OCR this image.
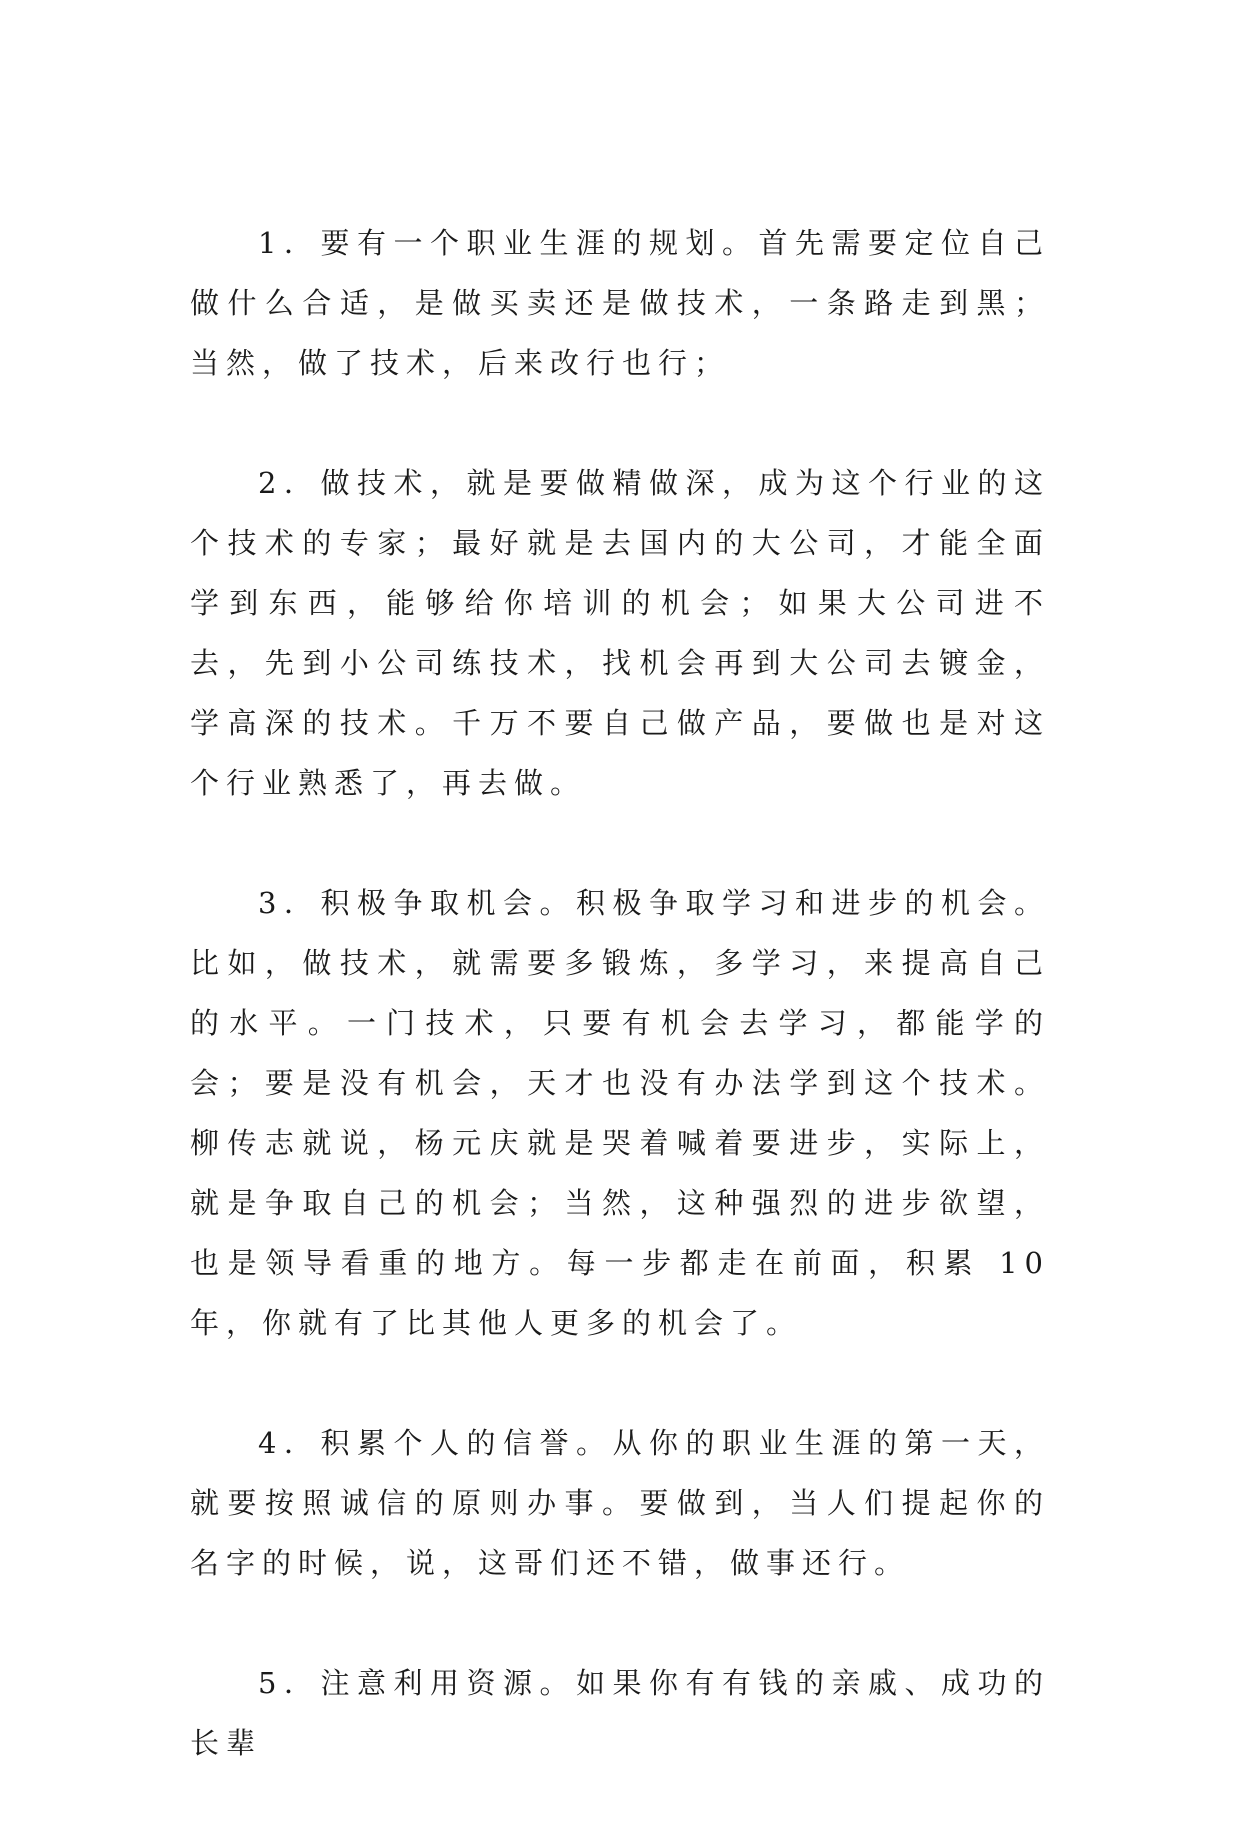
1．要有一个职业生涯的规划。首先需要定位自己做什么合适，是做买卖还是做技术，一条路走到黑；当然，做了技术，后来改行也行；

2．做技术，就是要做精做深，成为这个行业的这个技术的专家；最好就是去国内的大公司，才能全面学到东西，能够给你培训的机会；如果大公司进不去，先到小公司练技术，找机会再到大公司去镀金，学高深的技术。千万不要自己做产品，要做也是对这个行业熟悉了，再去做。

3．积极争取机会。积极争取学习和进步的机会。比如，做技术，就需要多锻炼，多学习，来提高自己的水平。一门技术，只要有机会去学习，都能学的会；要是没有机会，天才也没有办法学到这个技术。柳传志就说，杨元庆就是哭着喊着要进步，实际上，就是争取自己的机会；当然，这种强烈的进步欲望，也是领导看重的地方。每一步都走在前面，积累 10 年，你就有了比其他人更多的机会了。

4．积累个人的信誉。从你的职业生涯的第一天，就要按照诚信的原则办事。要做到，当人们提起你的名字的时候，说，这哥们还不错，做事还行。

5．注意利用资源。如果你有有钱的亲戚、成功的长辈
